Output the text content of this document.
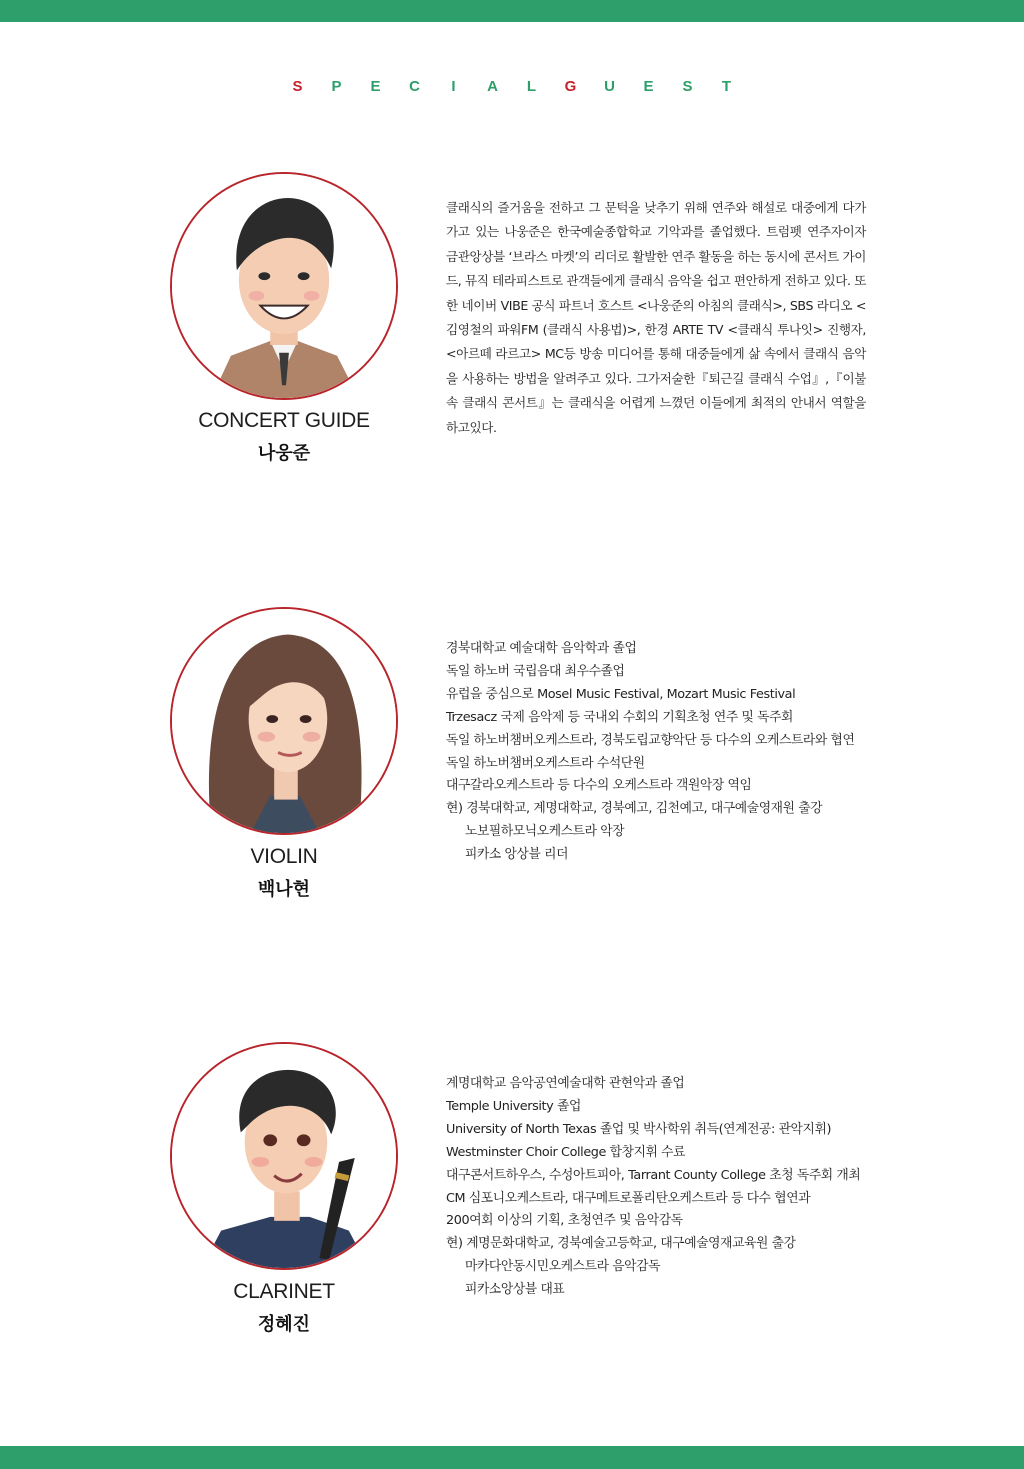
S P E C I A L G U E S T
CONCERT GUIDE
나웅준
클래식의 즐거움을 전하고 그 문턱을 낮추기 위해 연주와 해설로 대중에게 다가가고 있는 나웅준은 한국예술종합학교 기악과를 졸업했다. 트럼펫 연주자이자 금관앙상블 ‘브라스 마켓’의 리더로 활발한 연주 활동을 하는 동시에 콘서트 가이드, 뮤직 테라피스트로 관객들에게 클래식 음악을 쉽고 편안하게 전하고 있다. 또한 네이버 VIBE 공식 파트너 호스트 <나웅준의 아침의 클래식>, SBS 라디오 <김영철의 파워FM (클래식 사용법)>, 한경 ARTE TV <클래식 투나잇> 진행자, <아르떼 라르고> MC등 방송 미디어를 통해 대중들에게 삶 속에서 클래식 음악을 사용하는 방법을 알려주고 있다. 그가저술한『퇴근길 클래식 수업』,『이불 속 클래식 콘서트』는 클래식을 어렵게 느꼈던 이들에게 최적의 안내서 역할을 하고있다.
VIOLIN
백나현
경북대학교 예술대학 음악학과 졸업
독일 하노버 국립음대 최우수졸업
유럽을 중심으로 Mosel Music Festival, Mozart Music Festival
Trzesacz 국제 음악제 등 국내외 수회의 기획초청 연주 및 독주회
독일 하노버챔버오케스트라, 경북도립교향악단 등 다수의 오케스트라와 협연
독일 하노버챔버오케스트라 수석단원
대구갈라오케스트라 등 다수의 오케스트라 객원악장 역임
현) 경북대학교, 계명대학교, 경북예고, 김천예고, 대구예술영재원 출강
노보필하모닉오케스트라 악장
피카소 앙상블 리더
CLARINET
정혜진
계명대학교 음악공연예술대학 관현악과 졸업
Temple University 졸업
University of North Texas 졸업 및 박사학위 취득(연계전공: 관악지휘)
Westminster Choir College 합창지휘 수료
대구콘서트하우스, 수성아트피아, Tarrant County College 초청 독주회 개최
CM 심포니오케스트라, 대구메트로폴리탄오케스트라 등 다수 협연과
200여회 이상의 기획, 초청연주 및 음악감독
현) 계명문화대학교, 경북예술고등학교, 대구예술영재교육원 출강
마카다안동시민오케스트라 음악감독
피카소앙상블 대표
